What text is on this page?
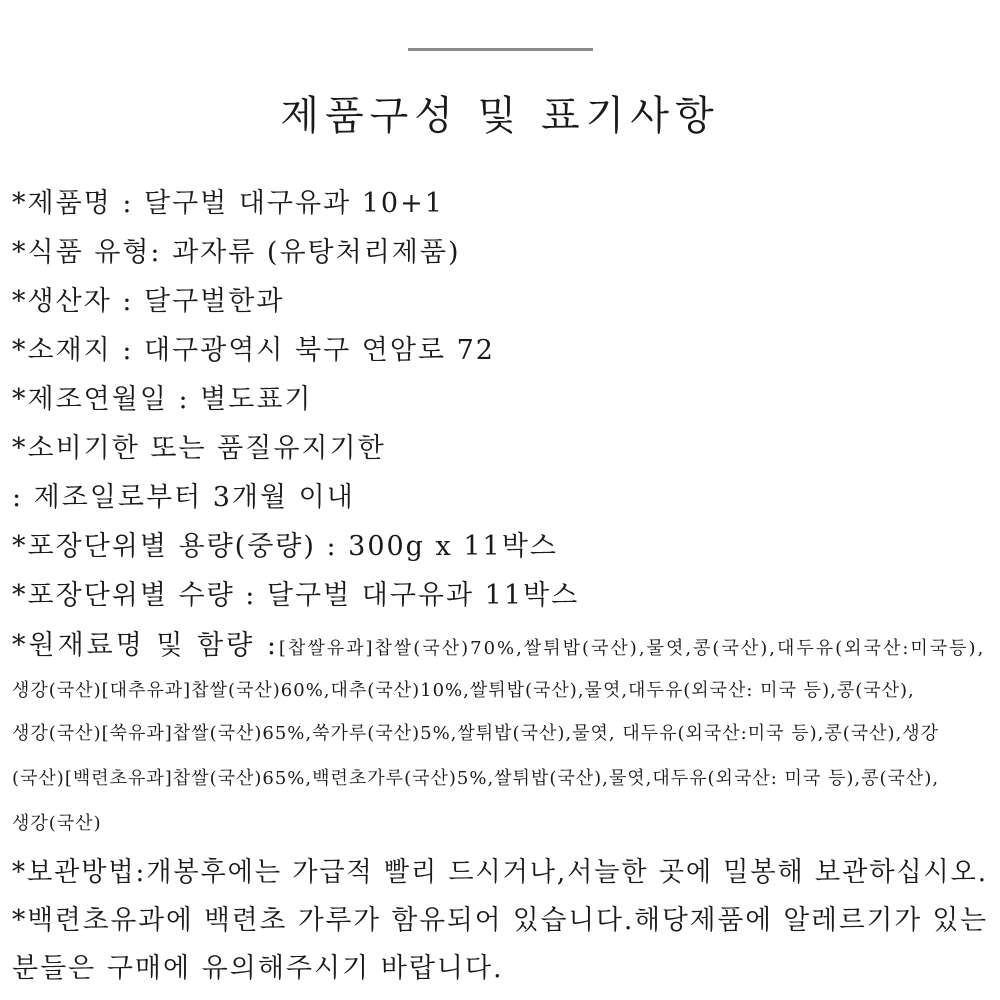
제품구성 및 표기사항
*제품명 : 달구벌 대구유과 10+1
*식품 유형: 과자류 (유탕처리제품)
*생산자 : 달구벌한과
*소재지 : 대구광역시 북구 연암로 72
*제조연월일 : 별도표기
*소비기한 또는 품질유지기한
: 제조일로부터 3개월 이내
*포장단위별 용량(중량) : 300g x 11박스
*포장단위별 수량 : 달구벌 대구유과 11박스
*원재료명 및 함량 :[찹쌀유과]찹쌀(국산)70%,쌀튀밥(국산),물엿,콩(국산),대두유(외국산:미국등),
생강(국산)[대추유과]찹쌀(국산)60%,대추(국산)10%,쌀튀밥(국산),물엿,대두유(외국산: 미국 등),콩(국산),
생강(국산)[쑥유과]찹쌀(국산)65%,쑥가루(국산)5%,쌀튀밥(국산),물엿, 대두유(외국산:미국 등),콩(국산),생강
(국산)[백련초유과]찹쌀(국산)65%,백련초가루(국산)5%,쌀튀밥(국산),물엿,대두유(외국산: 미국 등),콩(국산),
생강(국산)
*보관방법:개봉후에는 가급적 빨리 드시거나,서늘한 곳에 밀봉해 보관하십시오.
*백련초유과에 백련초 가루가 함유되어 있습니다.해당제품에 알레르기가 있는
분들은 구매에 유의해주시기 바랍니다.
